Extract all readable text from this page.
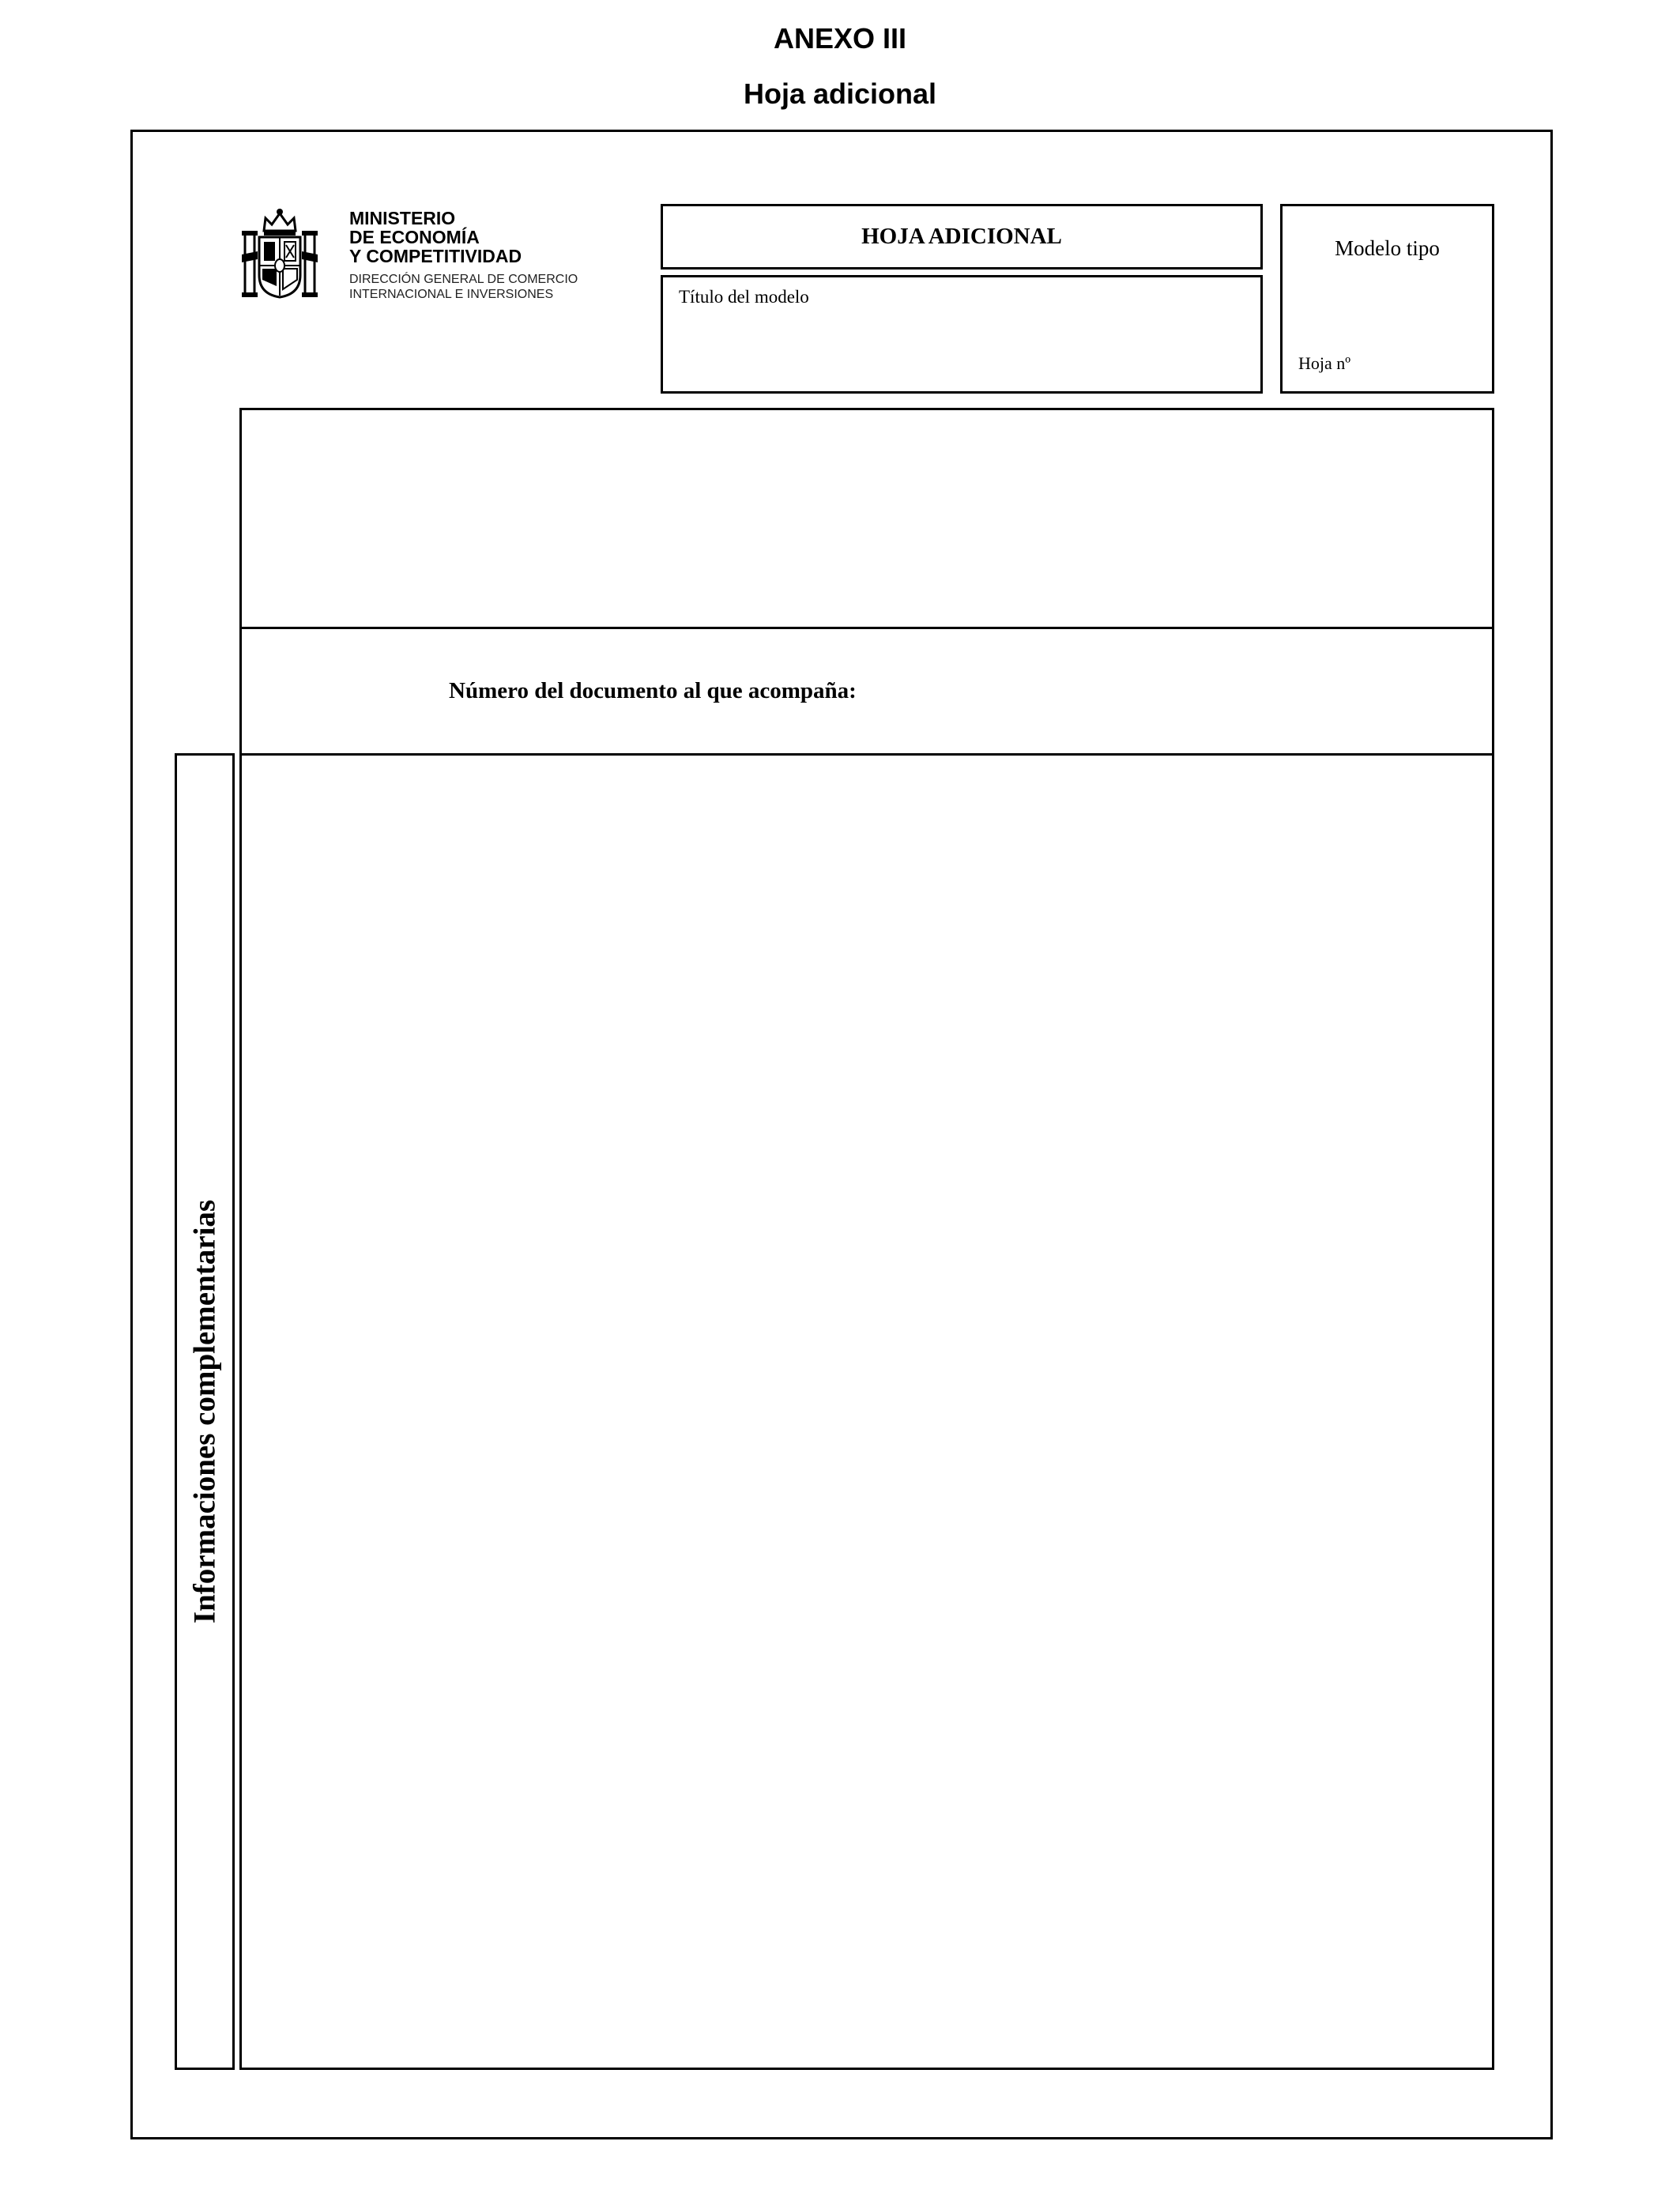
ANEXO III
Hoja adicional
MINISTERIO
DE ECONOMÍA
Y COMPETITIVIDAD
DIRECCIÓN GENERAL DE COMERCIO
INTERNACIONAL E INVERSIONES
HOJA ADICIONAL
Título del modelo
Modelo tipo
Hoja nº
Número del documento al que acompaña:
Informaciones complementarias
